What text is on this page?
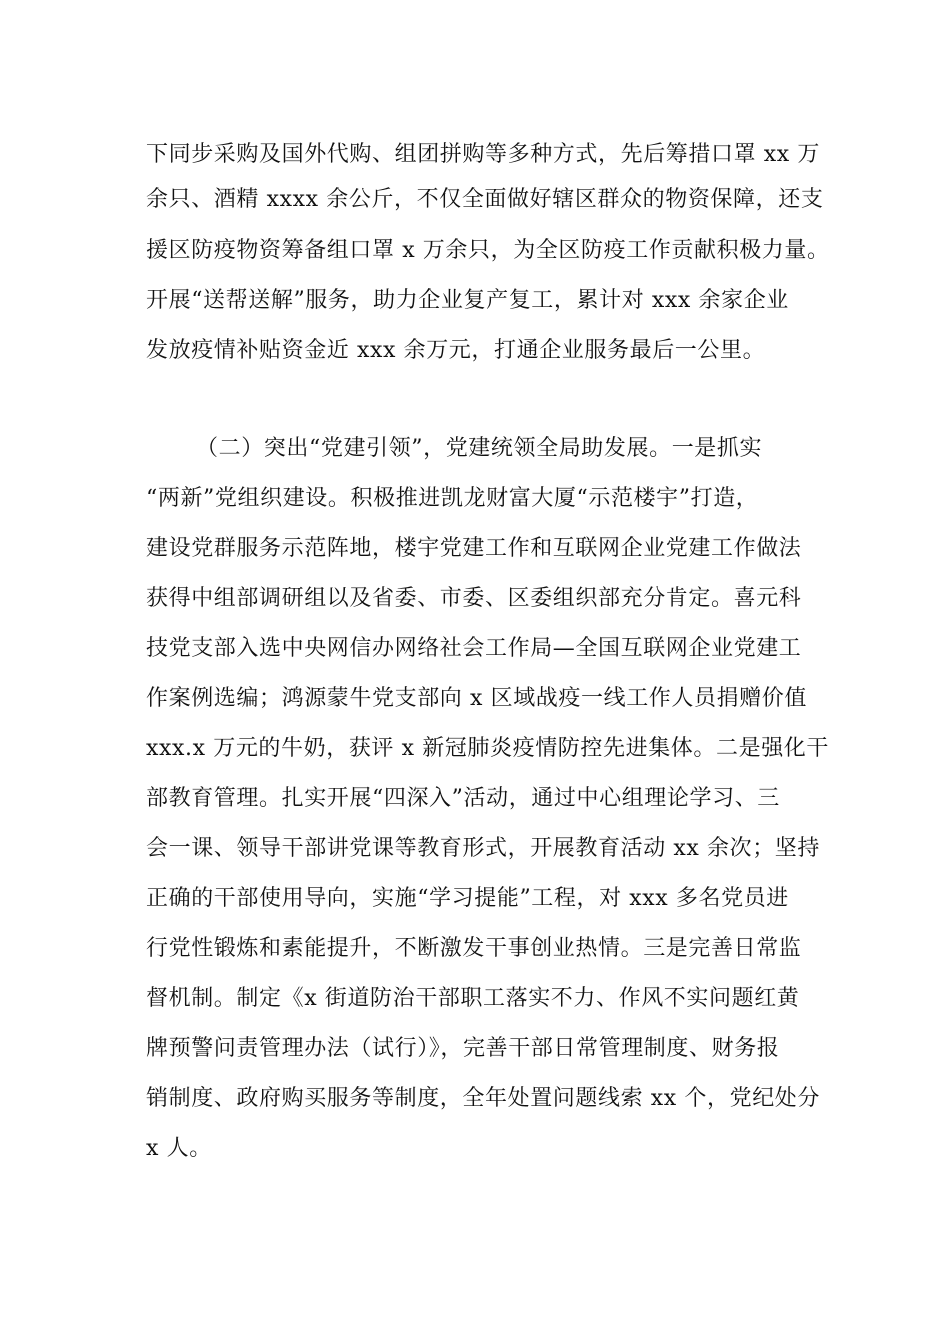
下同步采购及国外代购、组团拼购等多种方式，先后筹措口罩 xx 万
余只、酒精 xxxx 余公斤，不仅全面做好辖区群众的物资保障，还支
援区防疫物资筹备组口罩 x 万余只，为全区防疫工作贡献积极力量。
开展“送帮送解”服务，助力企业复产复工，累计对 xxx 余家企业
发放疫情补贴资金近 xxx 余万元，打通企业服务最后一公里。
（二）突出“党建引领”，党建统领全局助发展。一是抓实
“两新”党组织建设。积极推进凯龙财富大厦“示范楼宇”打造，
建设党群服务示范阵地，楼宇党建工作和互联网企业党建工作做法
获得中组部调研组以及省委、市委、区委组织部充分肯定。喜元科
技党支部入选中央网信办网络社会工作局—全国互联网企业党建工
作案例选编；鸿源蒙牛党支部向 x 区域战疫一线工作人员捐赠价值
xxx.x 万元的牛奶，获评 x 新冠肺炎疫情防控先进集体。二是强化干
部教育管理。扎实开展“四深入”活动，通过中心组理论学习、三
会一课、领导干部讲党课等教育形式，开展教育活动 xx 余次；坚持
正确的干部使用导向，实施“学习提能”工程，对 xxx 多名党员进
行党性锻炼和素能提升，不断激发干事创业热情。三是完善日常监
督机制。制定《x 街道防治干部职工落实不力、作风不实问题红黄
牌预警问责管理办法（试行）》，完善干部日常管理制度、财务报
销制度、政府购买服务等制度，全年处置问题线索 xx 个，党纪处分
x 人。
